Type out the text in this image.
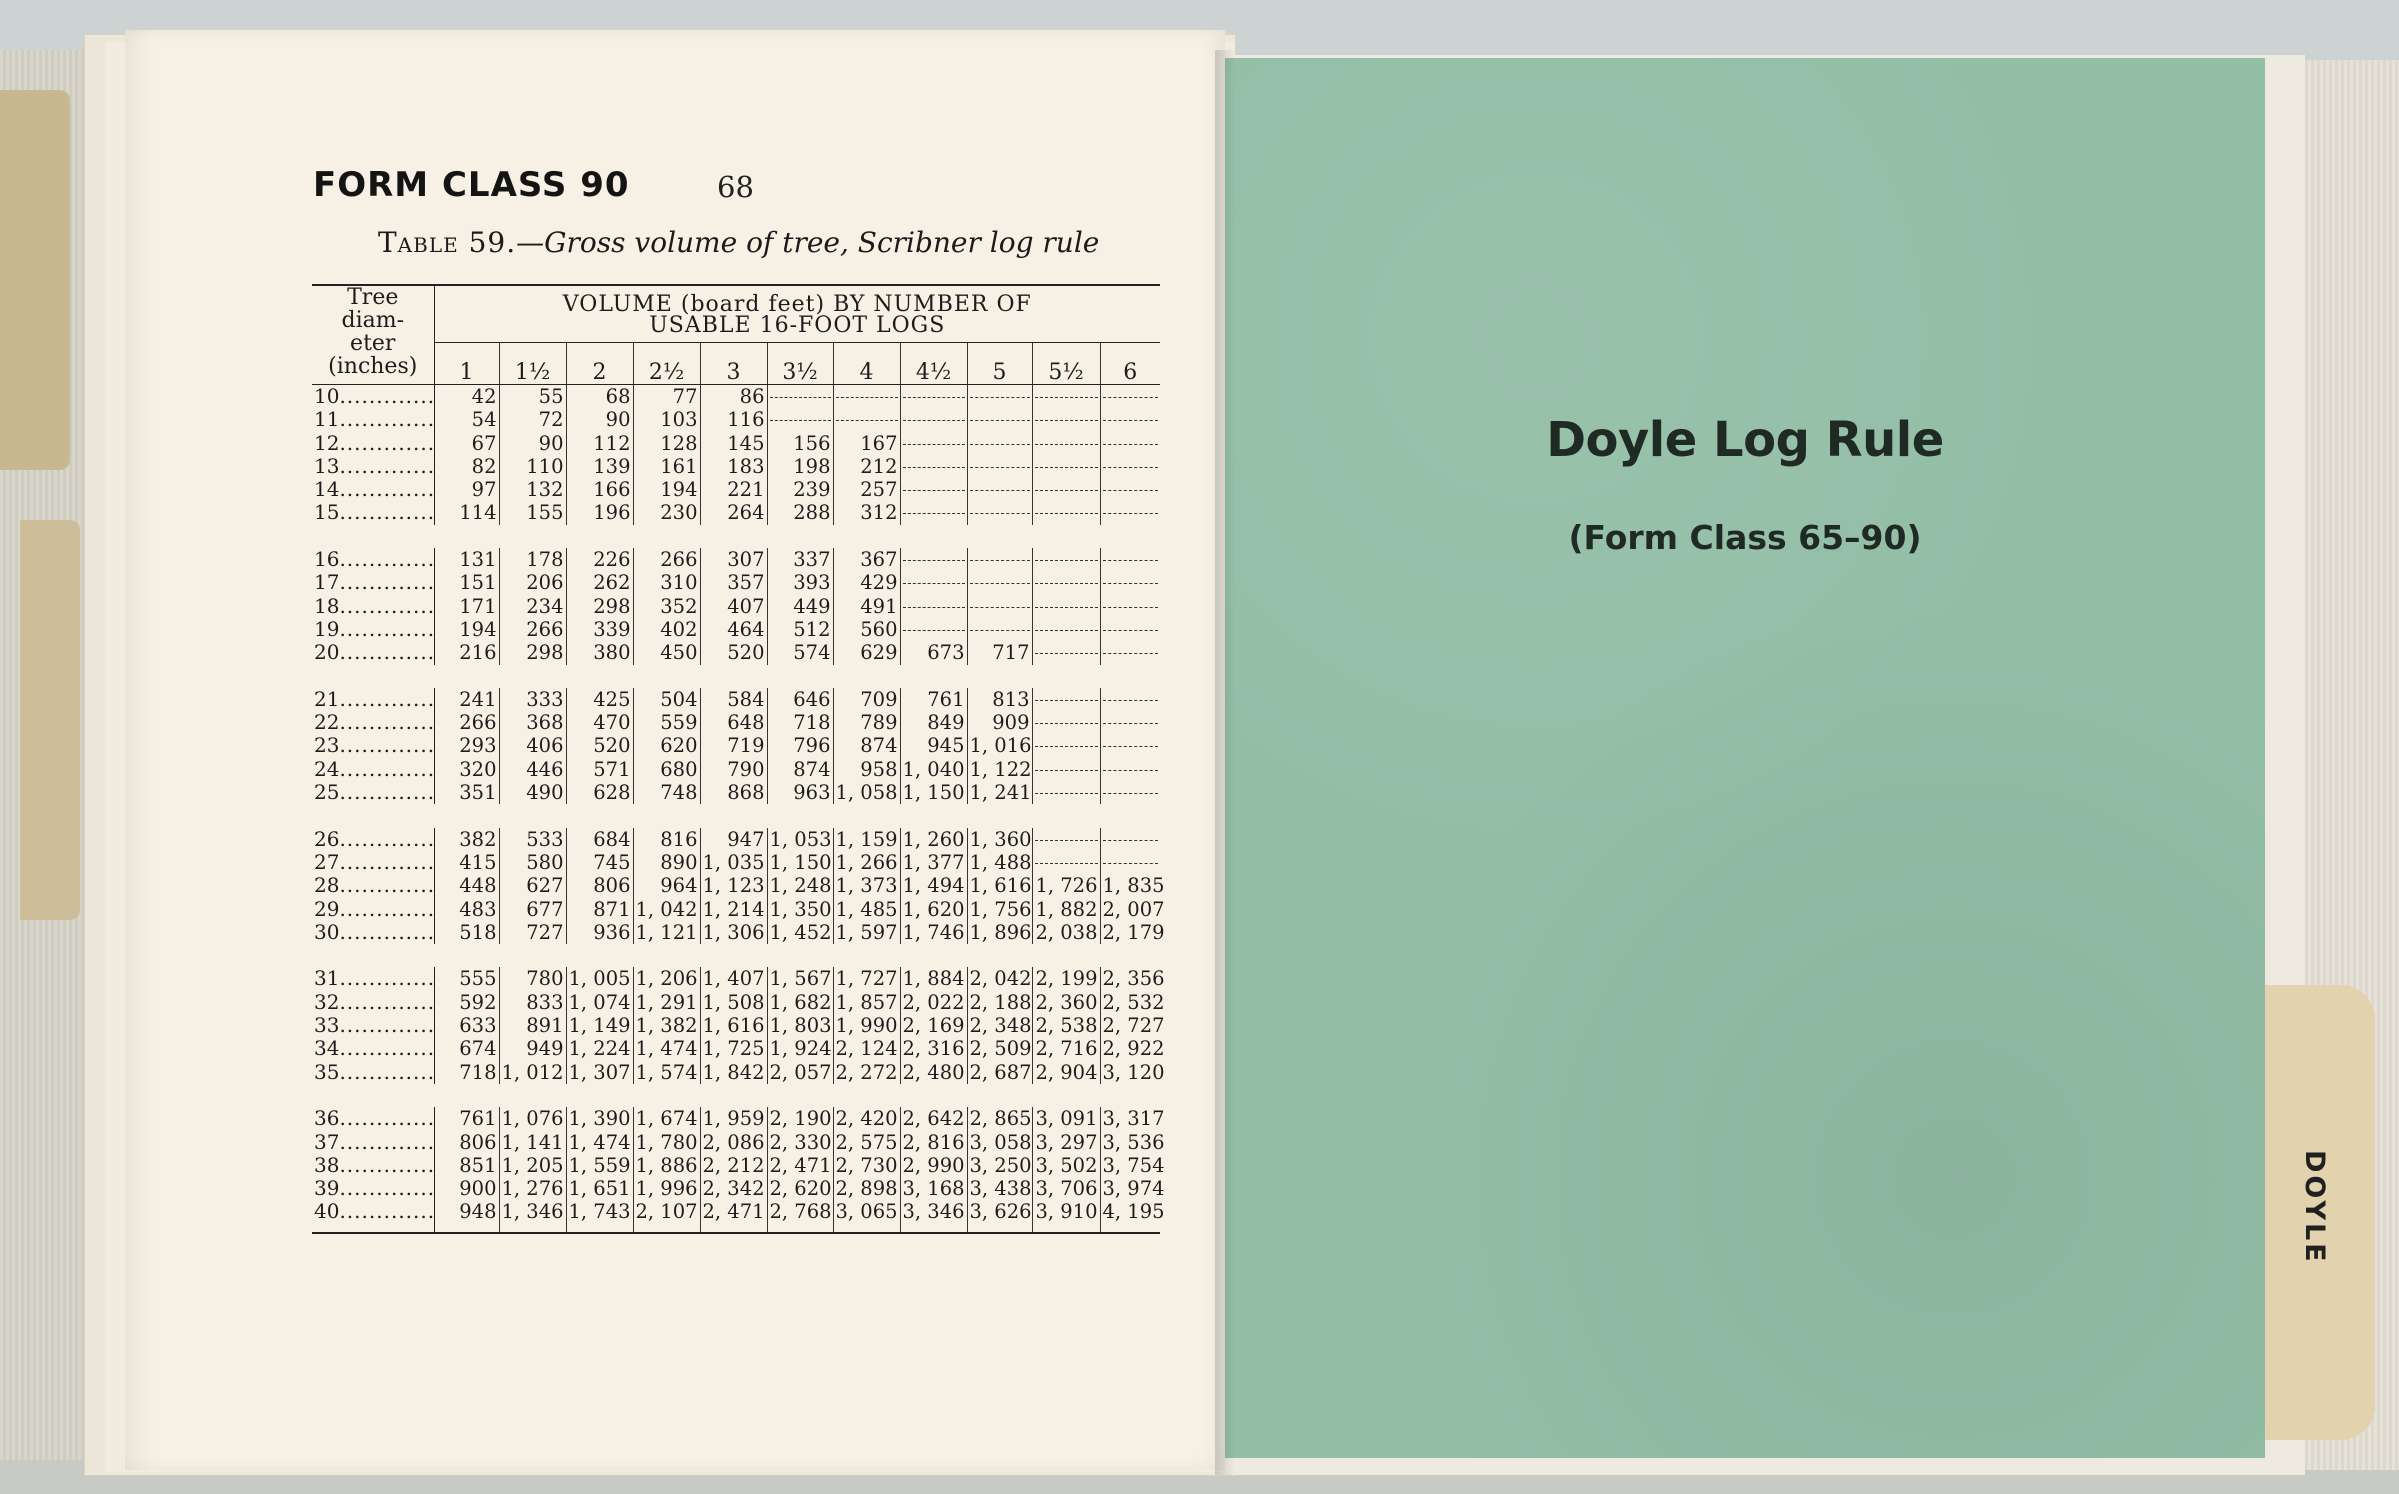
FORM CLASS 90	68
Table 59.—Gross volume of tree, Scribner log rule
Tree
diam-
eter
(inches)	VOLUME (board feet) BY NUMBER OF
USABLE 16-FOOT LOGS										
	1	1½	2	2½	3	3½	4	4½	5	5½	6
10 .....	42	55	68	77	86						
11 .....	54	72	90	103	116						
12 .....	67	90	112	128	145	156	167				
13 .....	82	110	139	161	183	198	212				
14 .....	97	132	166	194	221	239	257				
15 .....	114	155	196	230	264	288	312				

16 .....	131	178	226	266	307	337	367				
17 .....	151	206	262	310	357	393	429				
18 .....	171	234	298	352	407	449	491				
19 .....	194	266	339	402	464	512	560				
20 .....	216	298	380	450	520	574	629	673	717		

21 .....	241	333	425	504	584	646	709	761	813		
22 .....	266	368	470	559	648	718	789	849	909		
23 .....	293	406	520	620	719	796	874	945	1, 016		
24 .....	320	446	571	680	790	874	958	1, 040	1, 122		
25 .....	351	490	628	748	868	963	1, 058	1, 150	1, 241		

26 .....	382	533	684	816	947	1, 053	1, 159	1, 260	1, 360		
27 .....	415	580	745	890	1, 035	1, 150	1, 266	1, 377	1, 488		
28 .....	448	627	806	964	1, 123	1, 248	1, 373	1, 494	1, 616	1, 726	1, 835
29 .....	483	677	871	1, 042	1, 214	1, 350	1, 485	1, 620	1, 756	1, 882	2, 007
30 .....	518	727	936	1, 121	1, 306	1, 452	1, 597	1, 746	1, 896	2, 038	2, 179

31 .....	555	780	1, 005	1, 206	1, 407	1, 567	1, 727	1, 884	2, 042	2, 199	2, 356
32 .....	592	833	1, 074	1, 291	1, 508	1, 682	1, 857	2, 022	2, 188	2, 360	2, 532
33 .....	633	891	1, 149	1, 382	1, 616	1, 803	1, 990	2, 169	2, 348	2, 538	2, 727
34 .....	674	949	1, 224	1, 474	1, 725	1, 924	2, 124	2, 316	2, 509	2, 716	2, 922
35 .....	718	1, 012	1, 307	1, 574	1, 842	2, 057	2, 272	2, 480	2, 687	2, 904	3, 120

36 .....	761	1, 076	1, 390	1, 674	1, 959	2, 190	2, 420	2, 642	2, 865	3, 091	3, 317
37 .....	806	1, 141	1, 474	1, 780	2, 086	2, 330	2, 575	2, 816	3, 058	3, 297	3, 536
38 .....	851	1, 205	1, 559	1, 886	2, 212	2, 471	2, 730	2, 990	3, 250	3, 502	3, 754
39 .....	900	1, 276	1, 651	1, 996	2, 342	2, 620	2, 898	3, 168	3, 438	3, 706	3, 974
40 .....	948	1, 346	1, 743	2, 107	2, 471	2, 768	3, 065	3, 346	3, 626	3, 910	4, 195	DOYLE
Doyle Log Rule
(Form Class 65–90)
